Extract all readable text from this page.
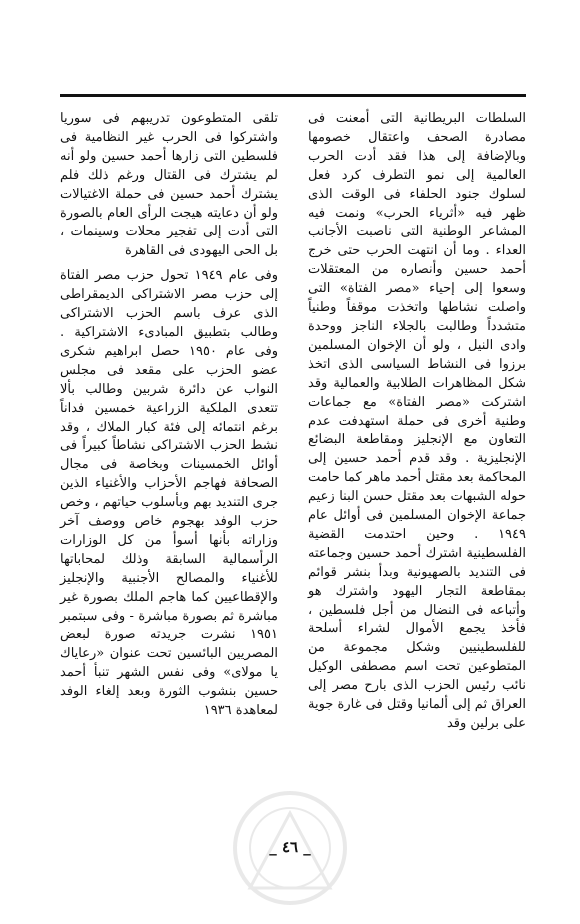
السلطات البريطانية التى أمعنت فى مصادرة الصحف واعتقال خصومها وبالإضافة إلى هذا فقد أدت الحرب العالمية إلى نمو التطرف كرد فعل لسلوك جنود الحلفاء فى الوقت الذى ظهر فيه «أثرياء الحرب» ونمت فيه المشاعر الوطنية التى ناصبت الأجانب العداء . وما أن انتهت الحرب حتى خرج أحمد حسين وأنصاره من المعتقلات وسعوا إلى إحياء «مصر الفتاة» التى واصلت نشاطها واتخذت موقفاً وطنياً متشدداً وطالبت بالجلاء الناجز ووحدة وادى النيل ، ولو أن الإخوان المسلمين برزوا فى النشاط السياسى الذى اتخذ شكل المظاهرات الطلابية والعمالية وقد اشتركت «مصر الفتاة» مع جماعات وطنية أخرى فى حملة استهدفت عدم التعاون مع الإنجليز ومقاطعة البضائع الإنجليزية . وقد قدم أحمد حسين إلى المحاكمة بعد مقتل أحمد ماهر كما حامت حوله الشبهات بعد مقتل حسن البنا زعيم جماعة الإخوان المسلمين فى أوائل عام ١٩٤٩ . وحين احتدمت القضية الفلسطينية اشترك أحمد حسين وجماعته فى التنديد بالصهيونية وبدأ بنشر قوائم بمقاطعة التجار اليهود واشترك هو وأتباعه فى النضال من أجل فلسطين ، فأخذ يجمع الأموال لشراء أسلحة للفلسطينيين وشكل مجموعة من المتطوعين تحت اسم مصطفى الوكيل نائب رئيس الحزب الذى بارح مصر إلى العراق ثم إلى ألمانيا وقتل فى غارة جوية على برلين وقد

تلقى المتطوعون تدريبهم فى سوريا واشتركوا فى الحرب غير النظامية فى فلسطين التى زارها أحمد حسين ولو أنه لم يشترك فى القتال ورغم ذلك فلم يشترك أحمد حسين فى حملة الاغتيالات ولو أن دعايته هيجت الرأى العام بالصورة التى أدت إلى تفجير محلات وسينمات ، بل الحى اليهودى فى القاهرة

وفى عام ١٩٤٩ تحول حزب مصر الفتاة إلى حزب مصر الاشتراكى الديمقراطى الذى عرف باسم الحزب الاشتراكى وطالب بتطبيق المبادىء الاشتراكية . وفى عام ١٩٥٠ حصل ابراهيم شكرى عضو الحزب على مقعد فى مجلس النواب عن دائرة شربين وطالب بألا تتعدى الملكية الزراعية خمسين فداناً برغم انتمائه إلى فئة كبار الملاك ، وقد نشط الحزب الاشتراكى نشاطاً كبيراً فى أوائل الخمسينات وبخاصة فى مجال الصحافة فهاجم الأحزاب والأغنياء الذين جرى التنديد بهم وبأسلوب حياتهم ، وخص حزب الوفد بهجوم خاص ووصف آخر وزاراته بأنها أسوأ من كل الوزارات الرأسمالية السابقة وذلك لمحاباتها للأغنياء والمصالح الأجنبية والإنجليز والإقطاعيين كما هاجم الملك بصورة غير مباشرة ثم بصورة مباشرة - وفى سبتمبر ١٩٥١ نشرت جريدته صورة لبعض المصريين البائسين تحت عنوان «رعاياك يا مولاى» وفى نفس الشهر تنبأ أحمد حسين بنشوب الثورة وبعد إلغاء الوفد لمعاهدة ١٩٣٦

_ ٤٦ _
